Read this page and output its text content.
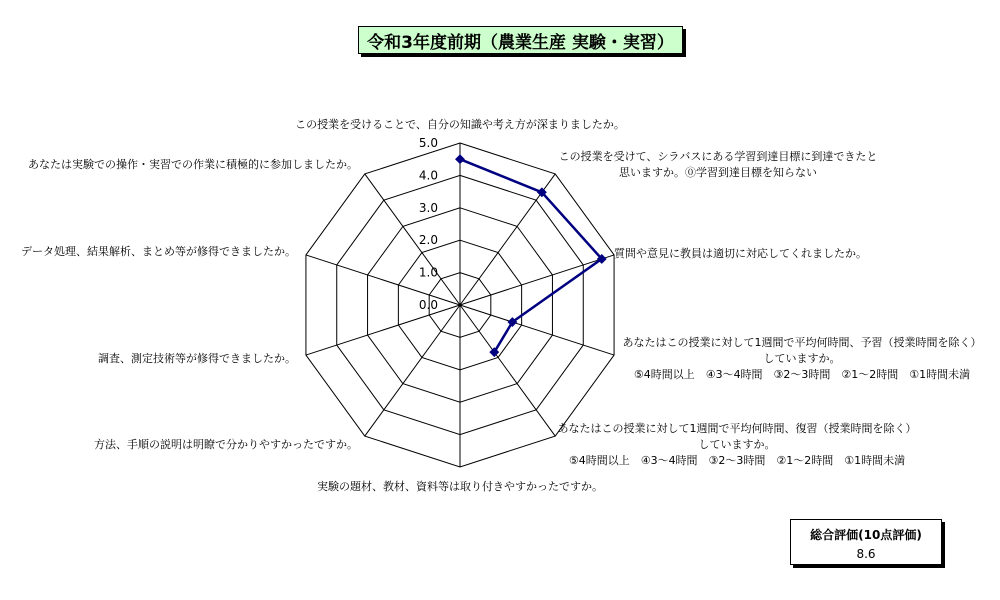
令和3年度前期（農業生産 実験・実習）
0.0
1.0
2.0
3.0
4.0
5.0
この授業を受けることで、自分の知識や考え方が深まりましたか。
この授業を受けて、シラバスにある学習到達目標に到達できたと
思いますか。⓪学習到達目標を知らない
質問や意見に教員は適切に対応してくれましたか。
あなたはこの授業に対して1週間で平均何時間、予習（授業時間を除く）
していますか。
⑤4時間以上　④3～4時間　③2～3時間　②1～2時間　①1時間未満
あなたはこの授業に対して1週間で平均何時間、復習（授業時間を除く）
していますか。
⑤4時間以上　④3～4時間　③2～3時間　②1～2時間　①1時間未満
実験の題材、教材、資料等は取り付きやすかったですか。
方法、手順の説明は明瞭で分かりやすかったですか。
調査、測定技術等が修得できましたか。
データ処理、結果解析、まとめ等が修得できましたか。
あなたは実験での操作・実習での作業に積極的に参加しましたか。
総合評価(10点評価)
8.6
